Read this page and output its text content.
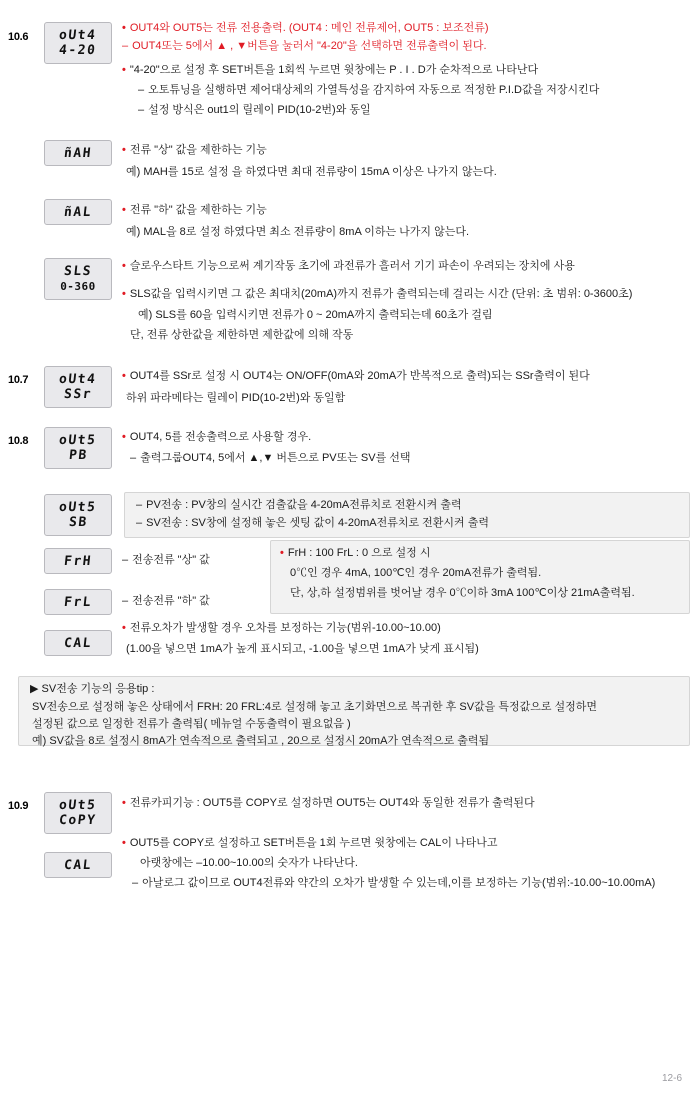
10.6 oUt4
4-20
• OUT4와 OUT5는 전류 전용출력. (OUT4 : 메인 전류제어, OUT5 : 보조전류)
– OUT4또는 5에서 ▲ , ▼버튼을 눌러서 "4-20"을 선택하면 전류출력이 된다.
• "4-20"으로 설정 후 SET버튼을 1회씩 누르면 윗창에는 P . I . D가 순차적으로 나타난다
– 오토튜닝을 실행하면 제어대상체의 가열특성을 감지하여 자동으로 적정한 P.I.D값을 저장시킨다
– 설정 방식은 out1의 릴레이 PID(10-2번)와 동일
ñAH	• 전류 "상" 값을 제한하는 기능
예) MAH를 15로 설정 을 하였다면 최대 전류량이 15mA 이상은 나가지 않는다.
ñAL	• 전류 "하" 값을 제한하는 기능
예) MAL을 8로 설정 하였다면 최소 전류량이 8mA 이하는 나가지 않는다.
SLS
0-360
• 슬로우스타트 기능으로써 계기작동 초기에 과전류가 흘러서 기기 파손이 우려되는 장치에 사용
• SLS값을 입력시키면 그 값은 최대치(20mA)까지 전류가 출력되는데 걸리는 시간 (단위: 초 범위: 0-3600초)
예) SLS를 60을 입력시키면 전류가 0 ~ 20mA까지 출력되는데 60초가 걸림
단, 전류 상한값을 제한하면 제한값에 의해 작동
10.7 oUt4
SSr
• OUT4를 SSr로 설정 시 OUT4는 ON/OFF(0mA와 20mA가 반복적으로 출력)되는 SSr출력이 된다
하위 파라메타는 릴레이 PID(10-2번)와 동일함
10.8 oUt5
PB
• OUT4, 5를 전송출력으로 사용할 경우.
– 출력그룹OUT4, 5에서 ▲,▼ 버튼으로 PV또는 SV를 선택
oUt5
SB
– PV전송 : PV창의 실시간 검출값을 4-20mA전류치로 전환시켜 출력
– SV전송 : SV창에 설정해 놓은 셋팅 값이 4-20mA전류치로 전환시켜 출력
FrH	– 전송전류 "상" 값
FrL	– 전송전류 "하" 값
• FrH : 100 FrL : 0 으로 설정 시
0℃인 경우 4mA, 100℃인 경우 20mA전류가 출력됨.
단, 상,하 설정범위를 벗어날 경우 0℃이하 3mA 100℃이상 21mA출력됨.
CAL
• 전류오차가 발생할 경우 오차를 보정하는 기능(범위-10.00~10.00)
(1.00을 넣으면 1mA가 높게 표시되고, -1.00을 넣으면 1mA가 낮게 표시됨)
▶ SV전송 기능의 응용tip :
SV전송으로 설정해 놓은 상태에서 FRH: 20 FRL:4로 설정해 놓고 초기화면으로 복귀한 후 SV값을 특정값으로 설정하면
설정된 값으로 일정한 전류가 출력됨( 메뉴얼 수동출력이 필요없음 )
예) SV값을 8로 설정시 8mA가 연속적으로 출력되고 , 20으로 설정시 20mA가 연속적으로 출력됨
10.9 oUt5
CoPY
• 전류카피기능 : OUT5를 COPY로 설정하면 OUT5는 OUT4와 동일한 전류가 출력된다
CAL
• OUT5를 COPY로 설정하고 SET버튼을 1회 누르면 윗창에는 CAL이 나타나고
아랫창에는 –10.00~10.00의 숫자가 나타난다.
– 아날로그 값이므로 OUT4전류와 약간의 오차가 발생할 수 있는데,이를 보정하는 기능(범위:-10.00~10.00mA)
12-6
